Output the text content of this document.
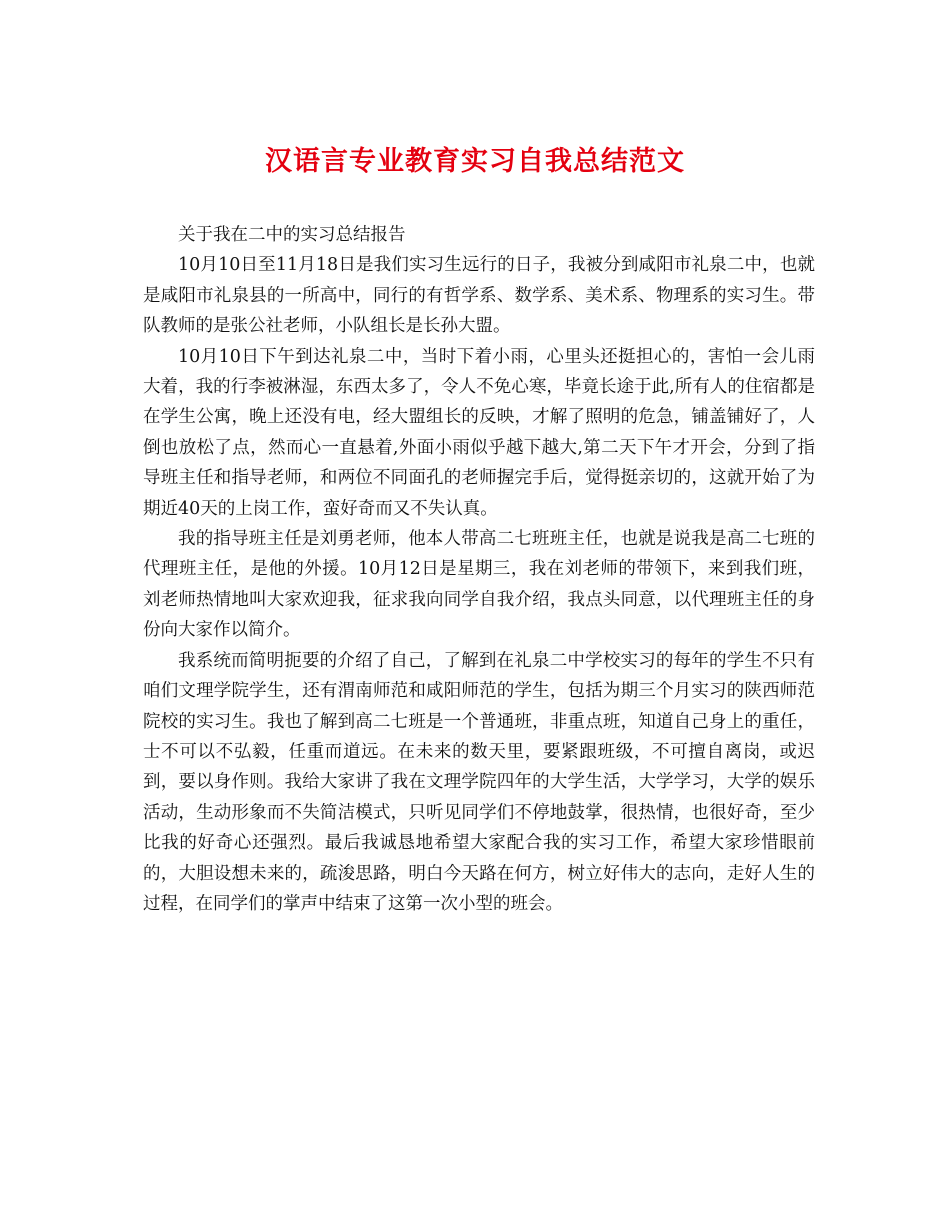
汉语言专业教育实习自我总结范文

关于我在二中的实习总结报告

10月10日至11月18日是我们实习生远行的日子，我被分到咸阳市礼泉二中，也就是咸阳市礼泉县的一所高中，同行的有哲学系、数学系、美术系、物理系的实习生。带队教师的是张公社老师，小队组长是长孙大盟。

10月10日下午到达礼泉二中，当时下着小雨，心里头还挺担心的，害怕一会儿雨大着，我的行李被淋湿，东西太多了，令人不免心寒，毕竟长途于此,所有人的住宿都是在学生公寓，晚上还没有电，经大盟组长的反映，才解了照明的危急，铺盖铺好了，人倒也放松了点，然而心一直悬着,外面小雨似乎越下越大,第二天下午才开会，分到了指导班主任和指导老师，和两位不同面孔的老师握完手后，觉得挺亲切的，这就开始了为期近40天的上岗工作，蛮好奇而又不失认真。

我的指导班主任是刘勇老师，他本人带高二七班班主任，也就是说我是高二七班的代理班主任，是他的外援。10月12日是星期三，我在刘老师的带领下，来到我们班，刘老师热情地叫大家欢迎我，征求我向同学自我介绍，我点头同意，以代理班主任的身份向大家作以简介。

我系统而简明扼要的介绍了自己，了解到在礼泉二中学校实习的每年的学生不只有咱们文理学院学生，还有渭南师范和咸阳师范的学生，包括为期三个月实习的陕西师范院校的实习生。我也了解到高二七班是一个普通班，非重点班，知道自己身上的重任，士不可以不弘毅，任重而道远。在未来的数天里，要紧跟班级，不可擅自离岗，或迟到，要以身作则。我给大家讲了我在文理学院四年的大学生活，大学学习，大学的娱乐活动，生动形象而不失简洁模式，只听见同学们不停地鼓掌，很热情，也很好奇，至少比我的好奇心还强烈。最后我诚恳地希望大家配合我的实习工作，希望大家珍惜眼前的，大胆设想未来的，疏浚思路，明白今天路在何方，树立好伟大的志向，走好人生的过程，在同学们的掌声中结束了这第一次小型的班会。
